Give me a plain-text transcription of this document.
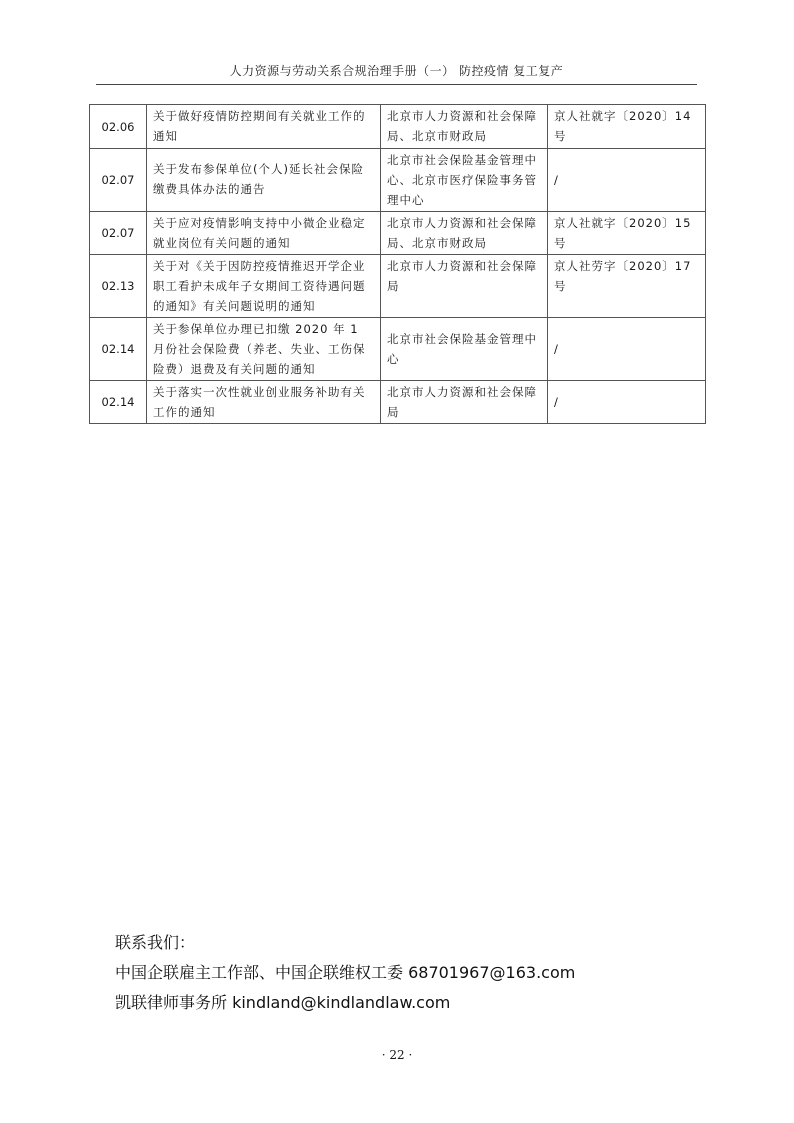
人力资源与劳动关系合规治理手册（一） 防控疫情 复工复产
02.06	关于做好疫情防控期间有关就业工作的通知	北京市人力资源和社会保障局、北京市财政局	京人社就字〔2020〕14号
02.07	关于发布参保单位(个人)延长社会保险缴费具体办法的通告	北京市社会保险基金管理中心、北京市医疗保险事务管理中心	/
02.07	关于应对疫情影响支持中小微企业稳定就业岗位有关问题的通知	北京市人力资源和社会保障局、北京市财政局	京人社就字〔2020〕15号
02.13	关于对《关于因防控疫情推迟开学企业职工看护未成年子女期间工资待遇问题的通知》有关问题说明的通知	北京市人力资源和社会保障局	京人社劳字〔2020〕17号
02.14	关于参保单位办理已扣缴 2020 年 1 月份社会保险费（养老、失业、工伤保险费）退费及有关问题的通知	北京市社会保险基金管理中心	/
02.14	关于落实一次性就业创业服务补助有关工作的通知	北京市人力资源和社会保障局	/
联系我们：
中国企联雇主工作部、中国企联维权工委 68701967@163.com
凯联律师事务所 kindland@kindlandlaw.com
· 22 ·
